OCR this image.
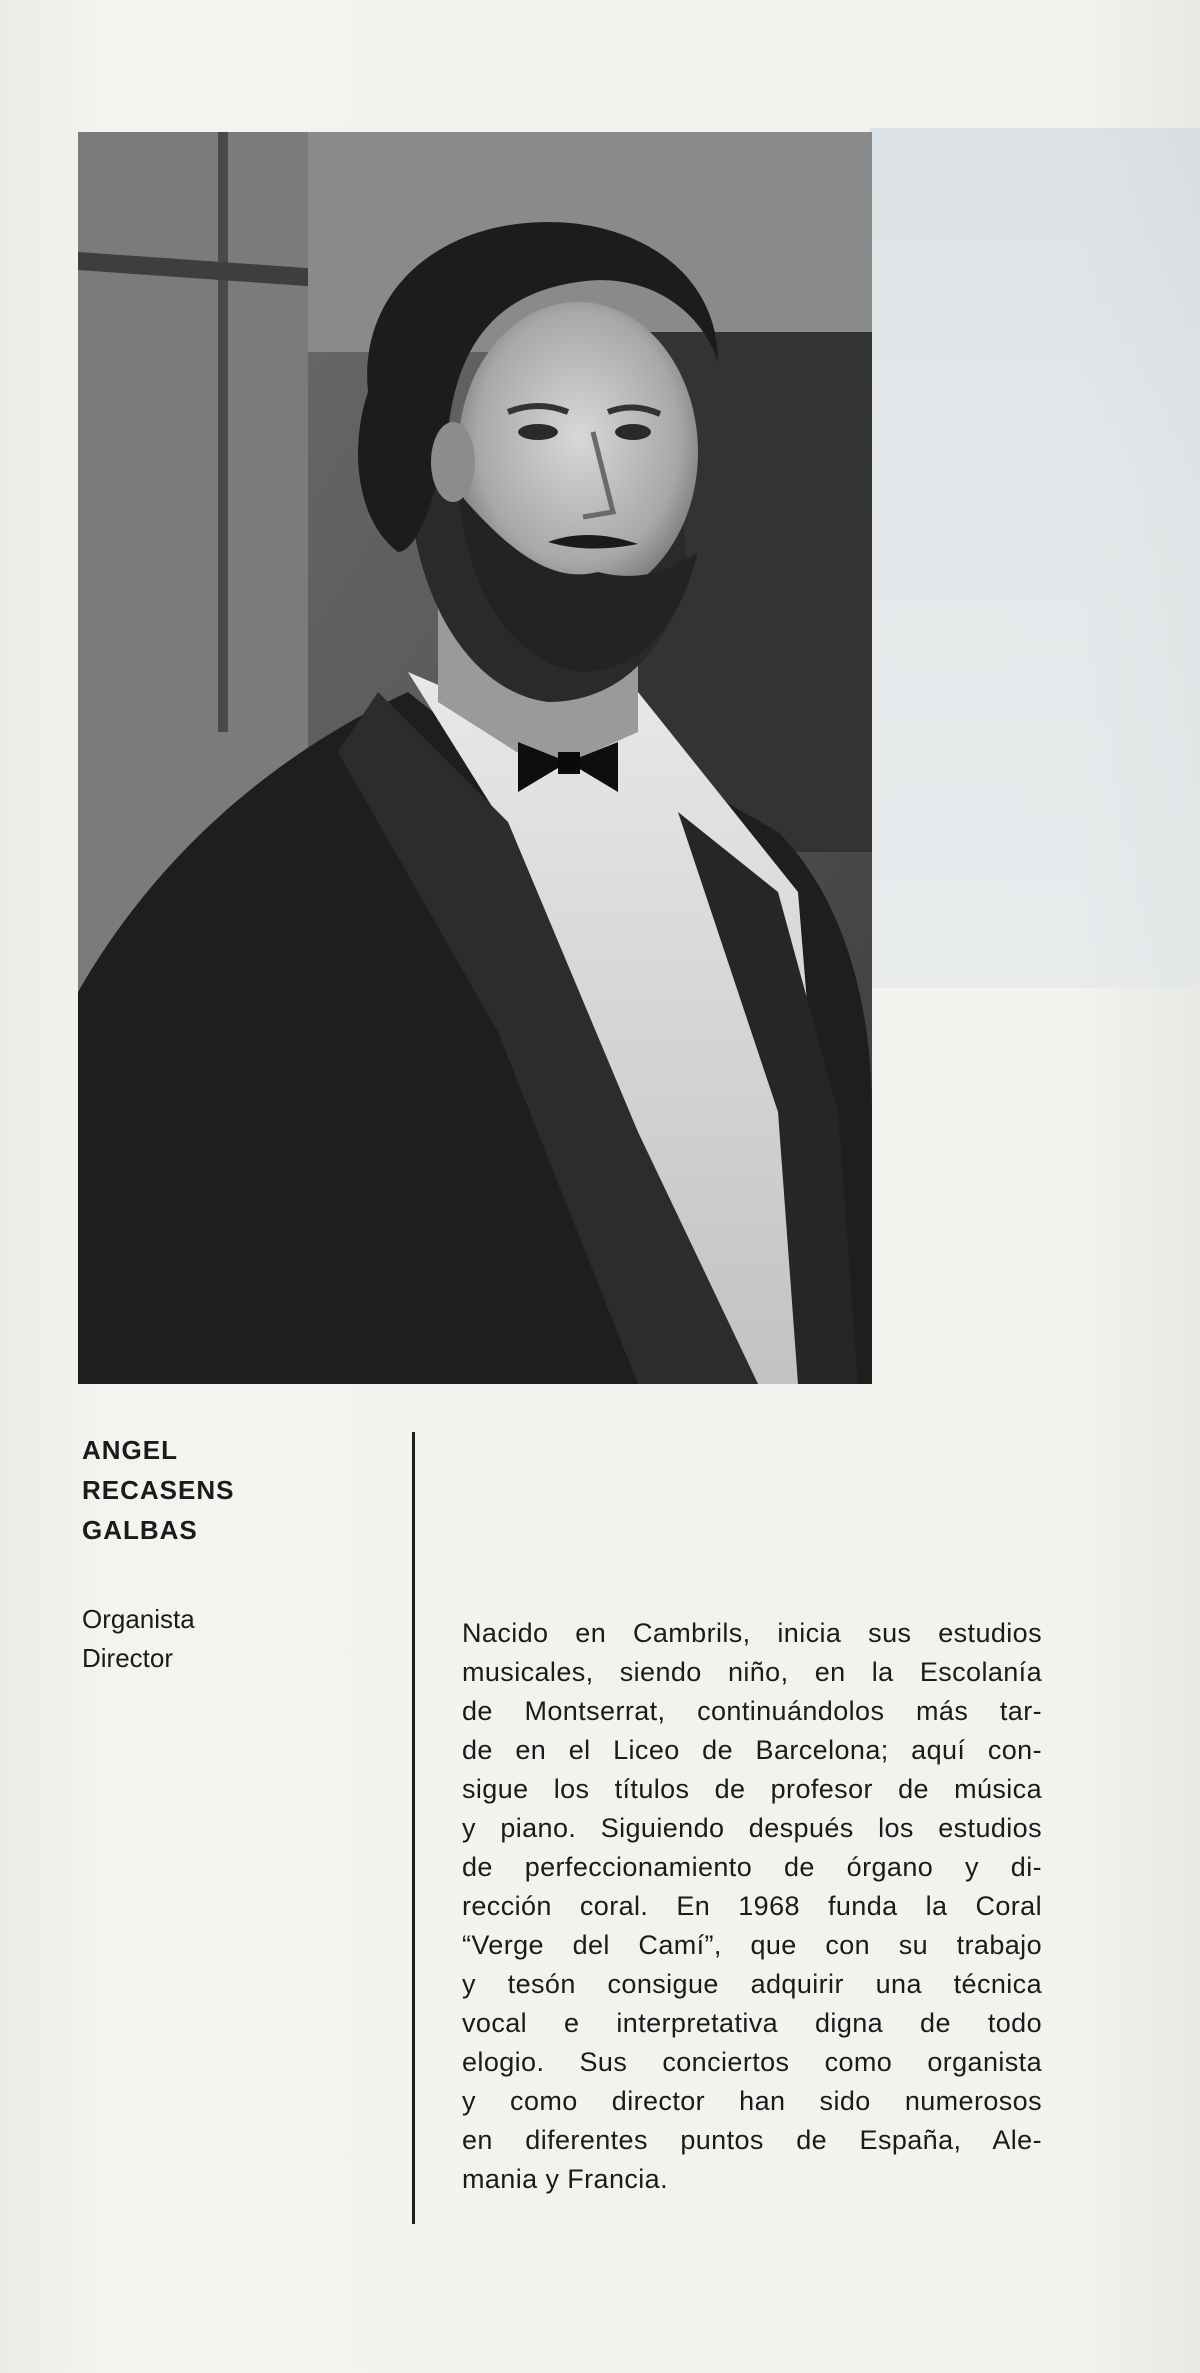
ANGEL
RECASENS
GALBAS
Organista
Director
Nacido en Cambrils, inicia sus estudios
musicales, siendo niño, en la Escolanía
de Montserrat, continuándolos más tar-
de en el Liceo de Barcelona; aquí con-
sigue los títulos de profesor de música
y piano. Siguiendo después los estudios
de perfeccionamiento de órgano y di-
rección coral. En 1968 funda la Coral
“Verge del Camí”, que con su trabajo
y tesón consigue adquirir una técnica
vocal e interpretativa digna de todo
elogio. Sus conciertos como organista
y como director han sido numerosos
en diferentes puntos de España, Ale-
mania y Francia.
